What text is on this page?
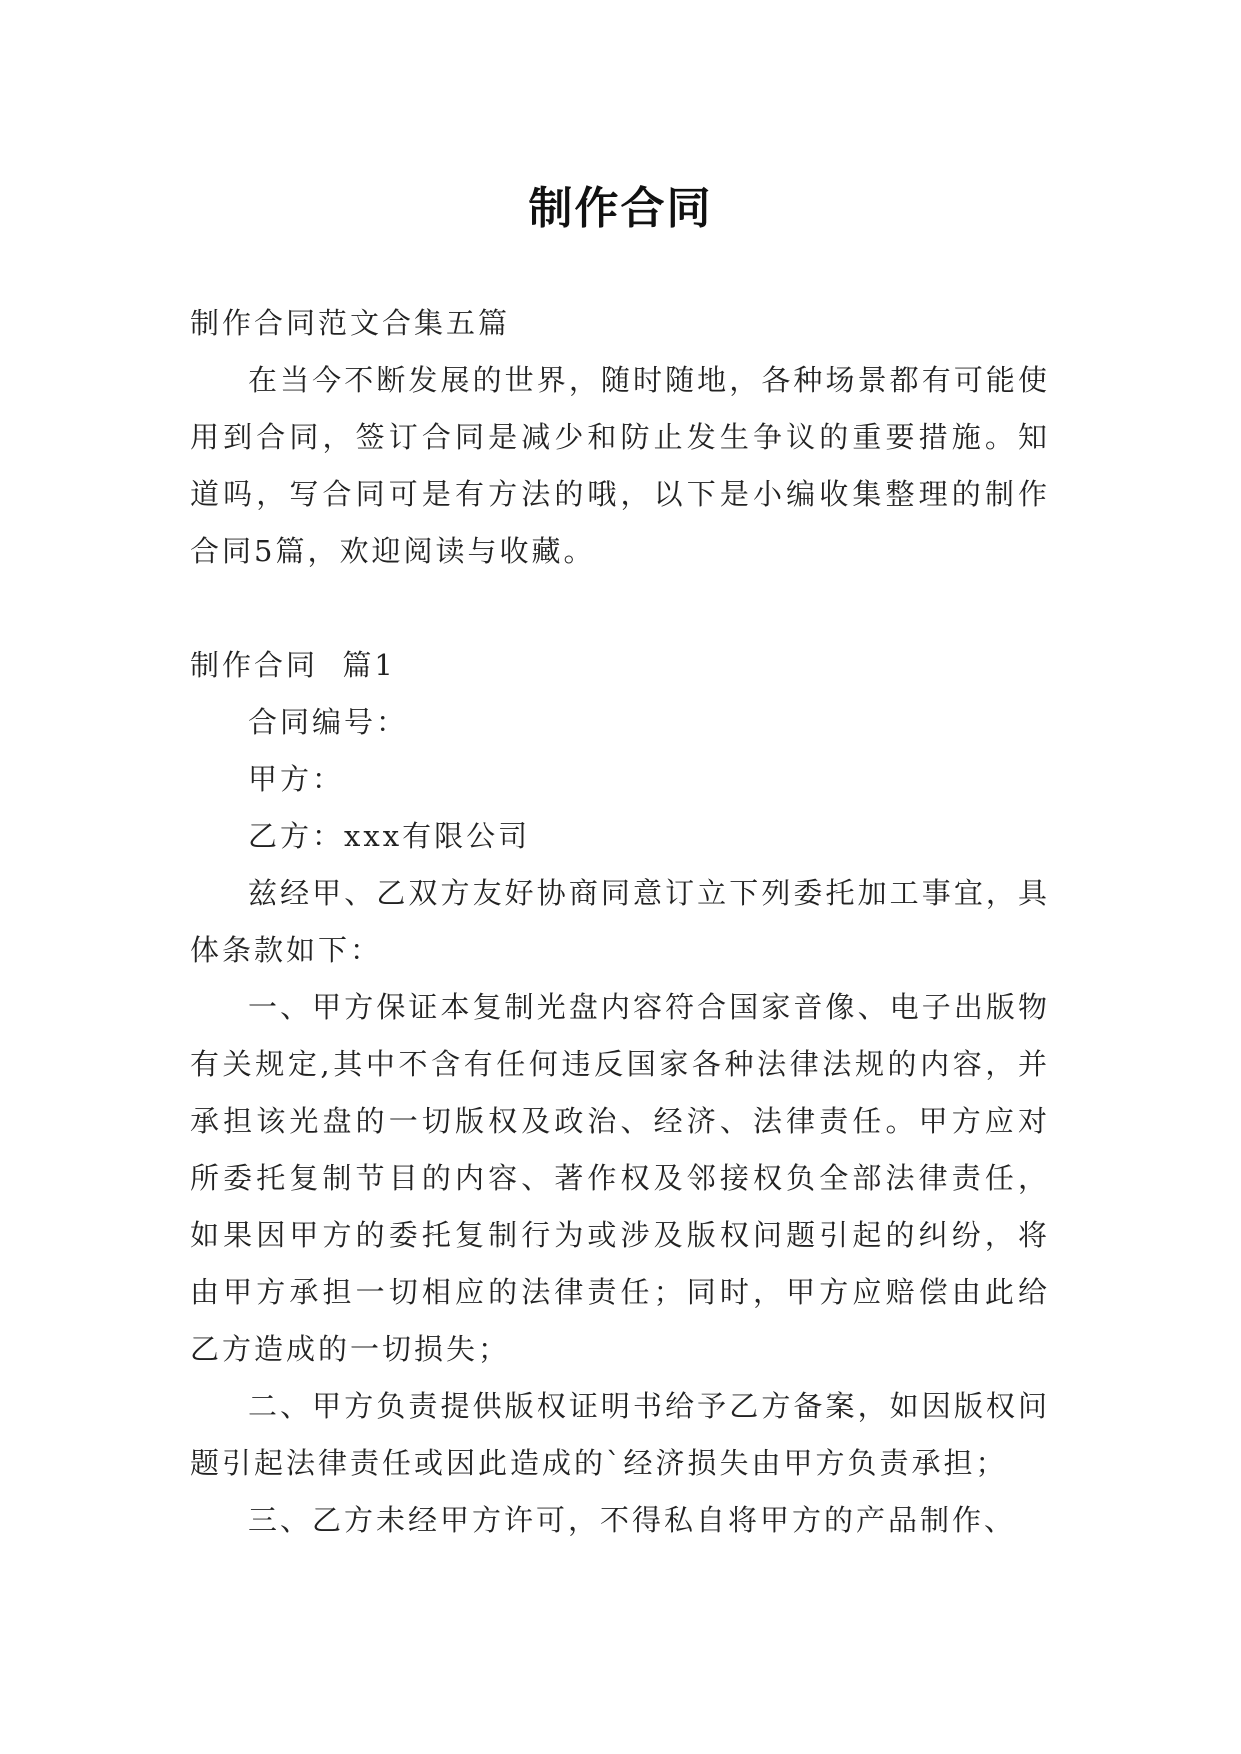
制作合同

制作合同范文合集五篇

在当今不断发展的世界，随时随地，各种场景都有可能使用到合同，签订合同是减少和防止发生争议的重要措施。知道吗，写合同可是有方法的哦，以下是小编收集整理的制作合同5篇，欢迎阅读与收藏。

制作合同  篇1

合同编号：

甲方：

乙方：xxx有限公司

兹经甲、乙双方友好协商同意订立下列委托加工事宜，具体条款如下：

一、甲方保证本复制光盘内容符合国家音像、电子出版物有关规定,其中不含有任何违反国家各种法律法规的内容，并承担该光盘的一切版权及政治、经济、法律责任。甲方应对所委托复制节目的内容、著作权及邻接权负全部法律责任，如果因甲方的委托复制行为或涉及版权问题引起的纠纷，将由甲方承担一切相应的法律责任；同时，甲方应赔偿由此给乙方造成的一切损失；

二、甲方负责提供版权证明书给予乙方备案，如因版权问题引起法律责任或因此造成的`经济损失由甲方负责承担；

三、乙方未经甲方许可，不得私自将甲方的产品制作、
